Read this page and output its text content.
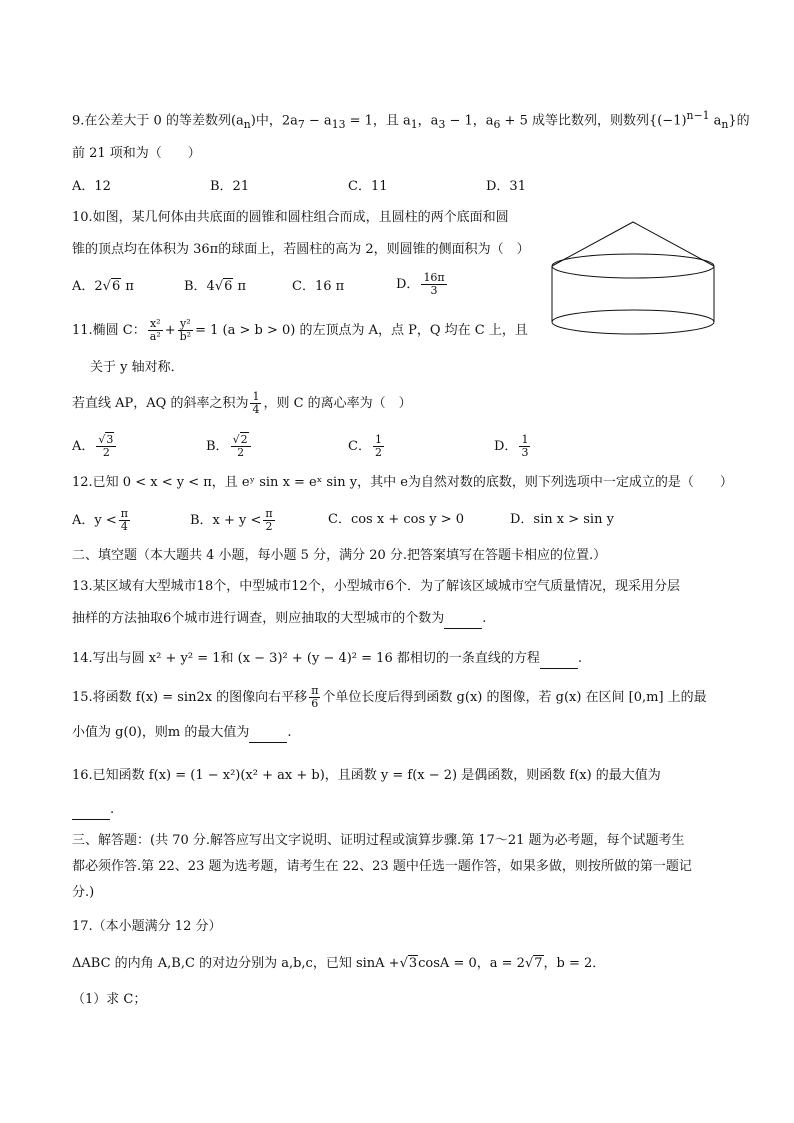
9.在公差大于 0 的等差数列$(a_n)$中，$2a_7 - a_{13} = 1$，且 $a_1$，$a_3 - 1$，$a_6 + 5$ 成等比数列，则数列{$(-1)^{n-1}$ $a_n$}的
前 21 项和为（　　）
A．12	B．21	C．11	D．31
10.如图，某几何体由共底面的圆锥和圆柱组合而成，且圆柱的两个底面和圆
锥的顶点均在体积为 36π的球面上，若圆柱的高为 2，则圆锥的侧面积为（　）
A．2√6 π	B．4√6 π	C．16 π	D． $\frac{16\pi}{3}$
11.椭圆 C： $\frac{\text{x²}}{\text{a²}} + \frac{\text{y²}}{\text{b²}} = 1$ (a > b > 0) 的左顶点为 A，点 P，Q 均在 C 上，且
关于 y 轴对称．
若直线 AP，AQ 的斜率之积为 $\frac{1}{4}$ ，则 C 的离心率为（　）
A． $\frac{√3}{2}$	B． $\frac{√2}{2}$	C． $\frac{1}{2}$	D． $\frac{1}{3}$
12.已知 0 < x < y < π，且 eʸ sin x = eˣ sin y，其中 e为自然对数的底数，则下列选项中一定成立的是（　　）
A．$y < \frac{\pi}{4}$	B．$x + y < \frac{\pi}{2}$	C．cos x + cos y > 0	D．sin x > sin y
二、填空题（本大题共 4 小题，每小题 5 分，满分 20 分.把答案填写在答题卡相应的位置.）
13.某区域有大型城市18个，中型城市12个，小型城市6个．为了解该区域城市空气质量情况，现采用分层
抽样的方法抽取6个城市进行调查，则应抽取的大型城市的个数为	.
14.写出与圆 x² + y² = 1和 (x − 3)² + (y − 4)² = 16 都相切的一条直线的方程	.
15.将函数 f(x) = sin2x 的图像向右平移 $\frac{\pi}{6}$ 个单位长度后得到函数 g(x) 的图像，若 g(x) 在区间 [0,m] 上的最
小值为 g(0)，则m 的最大值为	.
16.已知函数 f(x) = (1 − x²)(x² + ax + b)，且函数 y = f(x − 2) 是偶函数，则函数 f(x) 的最大值为
.
三、解答题：(共 70 分.解答应写出文字说明、证明过程或演算步骤.第 17～21 题为必考题，每个试题考生
都必须作答.第 22、23 题为选考题，请考生在 22、23 题中任选一题作答，如果多做，则按所做的第一题记
分.)
17.（本小题满分 12 分）
ΔABC 的内角 A,B,C 的对边分别为 a,b,c，已知 sinA +√3cosA = 0，a = 2√7，b = 2．
（1）求 C；
